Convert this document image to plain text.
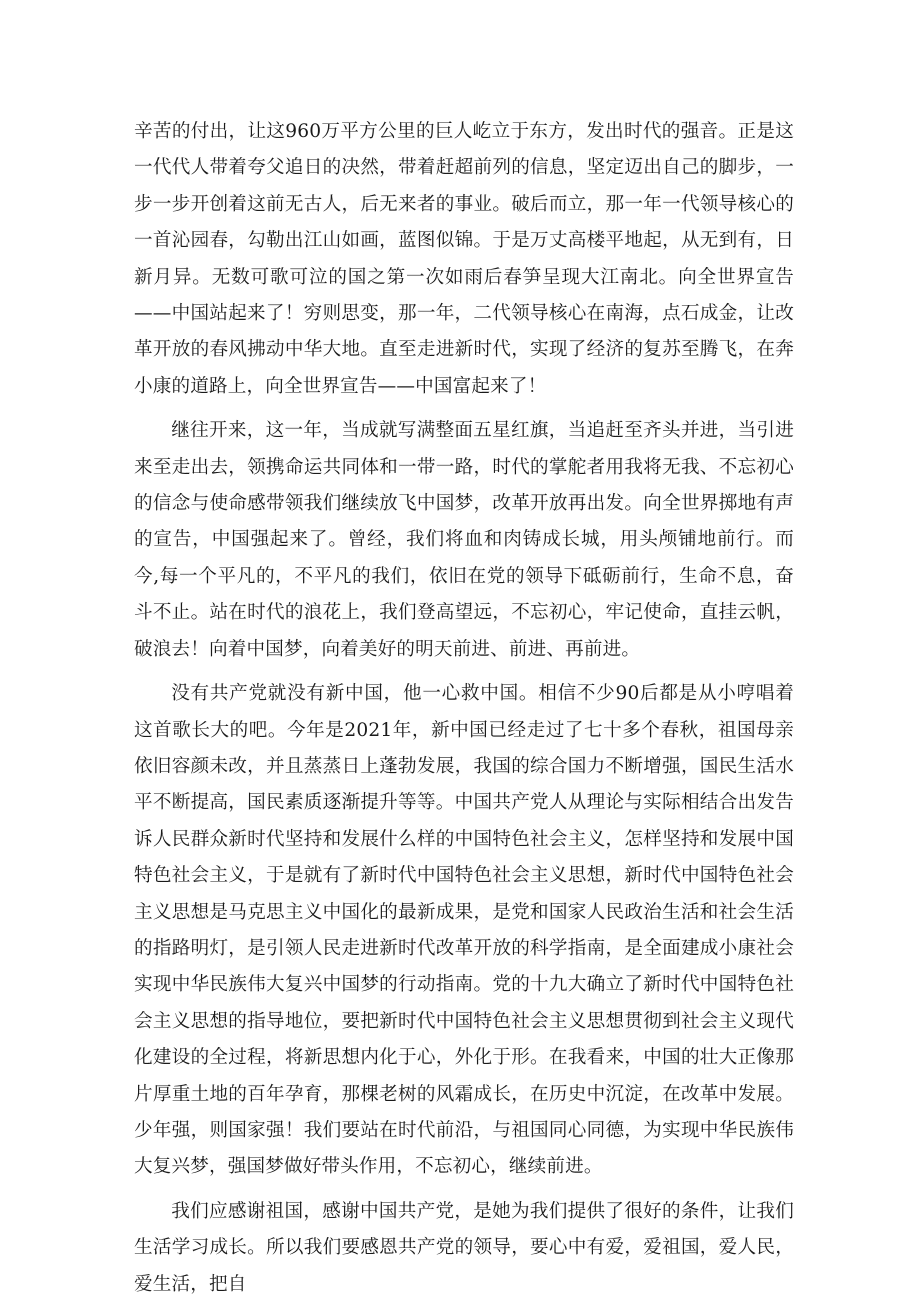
辛苦的付出，让这960万平方公里的巨人屹立于东方，发出时代的强音。正是这一代代人带着夸父追日的决然，带着赶超前列的信息，坚定迈出自己的脚步，一步一步开创着这前无古人，后无来者的事业。破后而立，那一年一代领导核心的一首沁园春，勾勒出江山如画，蓝图似锦。于是万丈高楼平地起，从无到有，日新月异。无数可歌可泣的国之第一次如雨后春笋呈现大江南北。向全世界宣告——中国站起来了！穷则思变，那一年，二代领导核心在南海，点石成金，让改革开放的春风拂动中华大地。直至走进新时代，实现了经济的复苏至腾飞，在奔小康的道路上，向全世界宣告——中国富起来了！

继往开来，这一年，当成就写满整面五星红旗，当追赶至齐头并进，当引进来至走出去，领携命运共同体和一带一路，时代的掌舵者用我将无我、不忘初心的信念与使命感带领我们继续放飞中国梦，改革开放再出发。向全世界掷地有声的宣告，中国强起来了。曾经，我们将血和肉铸成长城，用头颅铺地前行。而今,每一个平凡的，不平凡的我们，依旧在党的领导下砥砺前行，生命不息，奋斗不止。站在时代的浪花上，我们登高望远，不忘初心，牢记使命，直挂云帆，破浪去！向着中国梦，向着美好的明天前进、前进、再前进。

没有共产党就没有新中国，他一心救中国。相信不少90后都是从小哼唱着这首歌长大的吧。今年是2021年，新中国已经走过了七十多个春秋，祖国母亲依旧容颜未改，并且蒸蒸日上蓬勃发展，我国的综合国力不断增强，国民生活水平不断提高，国民素质逐渐提升等等。中国共产党人从理论与实际相结合出发告诉人民群众新时代坚持和发展什么样的中国特色社会主义，怎样坚持和发展中国特色社会主义，于是就有了新时代中国特色社会主义思想，新时代中国特色社会主义思想是马克思主义中国化的最新成果，是党和国家人民政治生活和社会生活的指路明灯，是引领人民走进新时代改革开放的科学指南，是全面建成小康社会实现中华民族伟大复兴中国梦的行动指南。党的十九大确立了新时代中国特色社会主义思想的指导地位，要把新时代中国特色社会主义思想贯彻到社会主义现代化建设的全过程，将新思想内化于心，外化于形。在我看来，中国的壮大正像那片厚重土地的百年孕育，那棵老树的风霜成长，在历史中沉淀，在改革中发展。少年强，则国家强！我们要站在时代前沿，与祖国同心同德，为实现中华民族伟大复兴梦，强国梦做好带头作用，不忘初心，继续前进。

我们应感谢祖国，感谢中国共产党，是她为我们提供了很好的条件，让我们生活学习成长。所以我们要感恩共产党的领导，要心中有爱，爱祖国，爱人民，爱生活，把自
